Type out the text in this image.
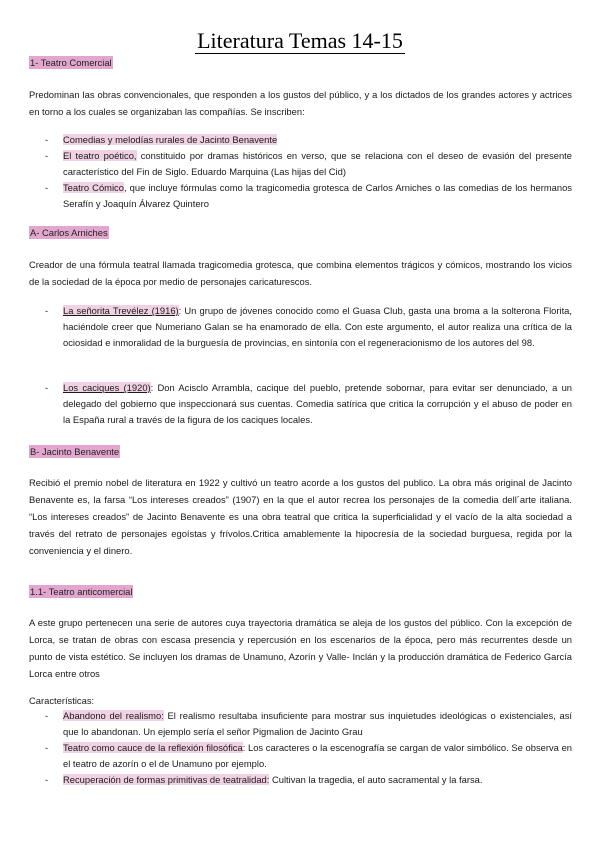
Literatura Temas 14-15
1- Teatro Comercial
Predominan las obras convencionales, que responden a los gustos del público, y a los dictados de los grandes actores y actrices en torno a los cuales se organizaban las compañías. Se inscriben:
- Comedias y melodías rurales de Jacinto Benavente
- El teatro poético, constituido por dramas históricos en verso, que se relaciona con el deseo de evasión del presente característico del Fin de Siglo. Eduardo Marquina (Las hijas del Cid)
- Teatro Cómico, que incluye fórmulas como la tragicomedia grotesca de Carlos Arniches o las comedias de los hermanos Serafín y Joaquín Álvarez Quintero
A- Carlos Arniches
Creador de una fórmula teatral llamada tragicomedia grotesca, que combina elementos trágicos y cómicos, mostrando los vicios de la sociedad de la época por medio de personajes caricaturescos.
- La señorita Trevélez (1916): Un grupo de jóvenes conocido como el Guasa Club, gasta una broma a la solterona Florita, haciéndole creer que Numeriano Galan se ha enamorado de ella. Con este argumento, el autor realiza una crítica de la ociosidad e inmoralidad de la burguesía de provincias, en sintonía con el regeneracionismo de los autores del 98.
- Los caciques (1920): Don Acisclo Arrambla, cacique del pueblo, pretende sobornar, para evitar ser denunciado, a un delegado del gobierno que inspeccionará sus cuentas. Comedia satírica que critica la corrupción y el abuso de poder en la España rural a través de la figura de los caciques locales.
B- Jacinto Benavente
Recibió el premio nobel de literatura en 1922 y cultivó un teatro acorde a los gustos del publico. La obra más original de Jacinto Benavente es, la farsa “Los intereses creados” (1907) en la que el autor recrea los personajes de la comedia dell´arte italiana. “Los intereses creados” de Jacinto Benavente es una obra teatral que critica la superficialidad y el vacío de la alta sociedad a través del retrato de personajes egoístas y frívolos.Critica amablemente la hipocresía de la sociedad burguesa, regida por la conveniencia y el dinero.
1.1- Teatro anticomercial
A este grupo pertenecen una serie de autores cuya trayectoria dramática se aleja de los gustos del público. Con la excepción de Lorca, se tratan de obras con escasa presencia y repercusión en los escenarios de la época, pero más recurrentes desde un punto de vista estético. Se incluyen los dramas de Unamuno, Azorín y Valle- Inclán y la producción dramática de Federico García Lorca entre otros
Características:
- Abandono del realismo: El realismo resultaba insuficiente para mostrar sus inquietudes ideológicas o existenciales, así que lo abandonan. Un ejemplo sería el señor Pigmalion de Jacinto Grau
- Teatro como cauce de la reflexión filosófica: Los caracteres o la escenografía se cargan de valor simbólico. Se observa en el teatro de azorín o el de Unamuno por ejemplo.
- Recuperación de formas primitivas de teatralidad: Cultivan la tragedia, el auto sacramental y la farsa.
